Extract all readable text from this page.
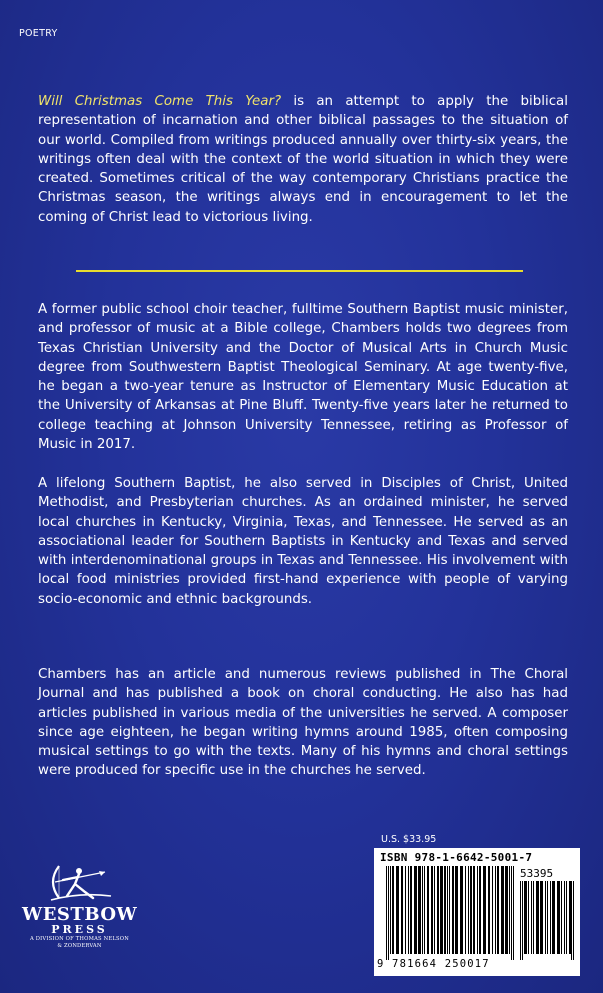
POETRY
Will Christmas Come This Year? is an attempt to apply the biblical representation of incarnation and other biblical passages to the situation of our world. Compiled from writings produced annually over thirty-six years, the writings often deal with the context of the world situation in which they were created. Sometimes critical of the way contemporary Christians practice the Christmas season, the writings always end in encouragement to let the coming of Christ lead to victorious living.

A former public school choir teacher, fulltime Southern Baptist music minister, and professor of music at a Bible college, Chambers holds two degrees from Texas Christian University and the Doctor of Musical Arts in Church Music degree from Southwestern Baptist Theological Seminary. At age twenty-five, he began a two-year tenure as Instructor of Elementary Music Education at the University of Arkansas at Pine Bluff. Twenty-five years later he returned to college teaching at Johnson University Tennessee, retiring as Professor of Music in 2017.

A lifelong Southern Baptist, he also served in Disciples of Christ, United Methodist, and Presbyterian churches. As an ordained minister, he served local churches in Kentucky, Virginia, Texas, and Tennessee. He served as an associational leader for Southern Baptists in Kentucky and Texas and served with interdenominational groups in Texas and Tennessee. His involvement with local food ministries provided first-hand experience with people of varying socio-economic and ethnic backgrounds.

Chambers has an article and numerous reviews published in The Choral Journal and has published a book on choral conducting. He also has had articles published in various media of the universities he served. A composer since age eighteen, he began writing hymns around 1985, often composing musical settings to go with the texts. Many of his hymns and choral settings were produced for specific use in the churches he served.

WESTBOW
PRESS
A DIVISION OF THOMAS NELSON
& ZONDERVAN
U.S. $33.95
ISBN 978-1-6642-5001-7
53395
9 781664 250017
